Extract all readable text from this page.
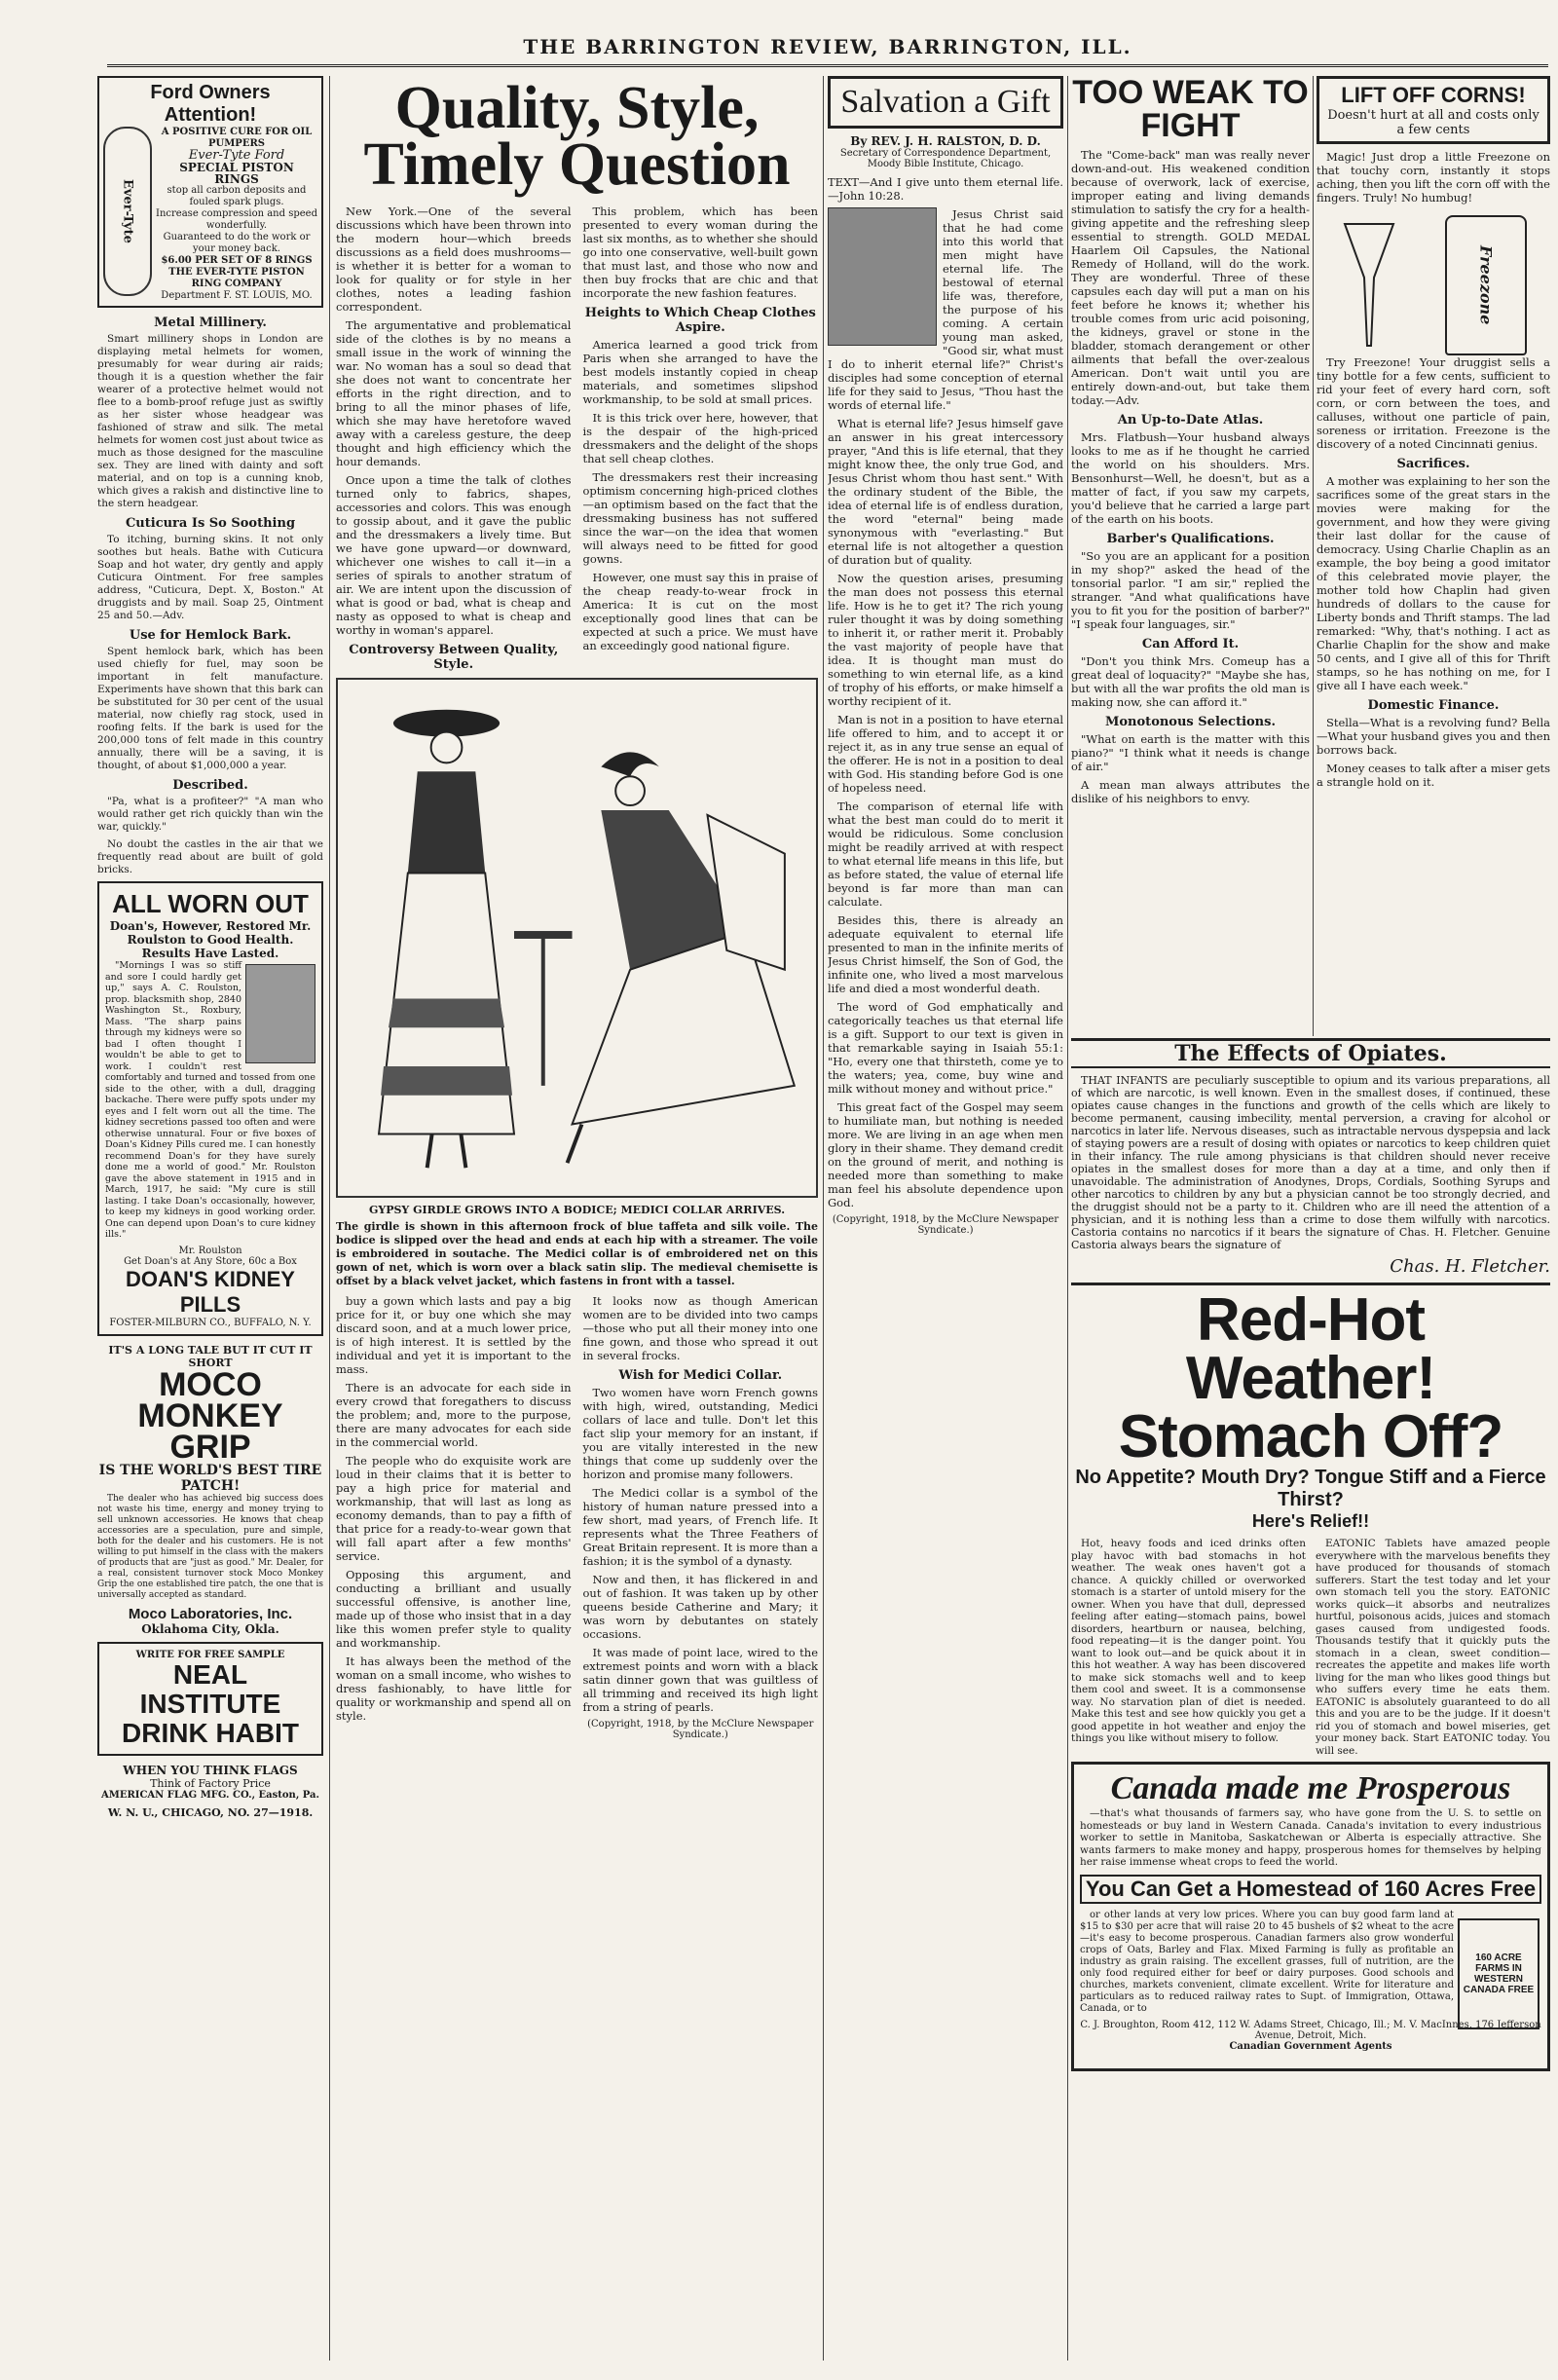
THE BARRINGTON REVIEW, BARRINGTON, ILL.
Ford Owners Attention!
Ever-Tyte
A POSITIVE CURE FOR OIL PUMPERS
Ever-Tyte Ford
SPECIAL PISTON RINGS
stop all carbon deposits and fouled spark plugs.
Increase compression and speed wonderfully.
Guaranteed to do the work or your money back.
$6.00 PER SET OF 8 RINGS
THE EVER-TYTE PISTON RING COMPANY
Department F. ST. LOUIS, MO.
Metal Millinery.

Smart millinery shops in London are displaying metal helmets for women, presumably for wear during air raids; though it is a question whether the fair wearer of a protective helmet would not flee to a bomb-proof refuge just as swiftly as her sister whose headgear was fashioned of straw and silk. The metal helmets for women cost just about twice as much as those designed for the masculine sex. They are lined with dainty and soft material, and on top is a cunning knob, which gives a rakish and distinctive line to the stern headgear.

Cuticura Is So Soothing

To itching, burning skins. It not only soothes but heals. Bathe with Cuticura Soap and hot water, dry gently and apply Cuticura Ointment. For free samples address, "Cuticura, Dept. X, Boston." At druggists and by mail. Soap 25, Ointment 25 and 50.—Adv.

Use for Hemlock Bark.

Spent hemlock bark, which has been used chiefly for fuel, may soon be important in felt manufacture. Experiments have shown that this bark can be substituted for 30 per cent of the usual material, now chiefly rag stock, used in roofing felts. If the bark is used for the 200,000 tons of felt made in this country annually, there will be a saving, it is thought, of about $1,000,000 a year.

Described.

"Pa, what is a profiteer?" "A man who would rather get rich quickly than win the war, quickly."

No doubt the castles in the air that we frequently read about are built of gold bricks.

ALL WORN OUT
Doan's, However, Restored Mr. Roulston to Good Health. Results Have Lasted.

"Mornings I was so stiff and sore I could hardly get up," says A. C. Roulston, prop. blacksmith shop, 2840 Washington St., Roxbury, Mass. "The sharp pains through my kidneys were so bad I often thought I wouldn't be able to get to work. I couldn't rest comfortably and turned and tossed from one side to the other, with a dull, dragging backache. There were puffy spots under my eyes and I felt worn out all the time. The kidney secretions passed too often and were otherwise unnatural. Four or five boxes of Doan's Kidney Pills cured me. I can honestly recommend Doan's for they have surely done me a world of good." Mr. Roulston gave the above statement in 1915 and in March, 1917, he said: "My cure is still lasting. I take Doan's occasionally, however, to keep my kidneys in good working order. One can depend upon Doan's to cure kidney ills."

Mr. Roulston
Get Doan's at Any Store, 60c a Box
DOAN'S KIDNEY PILLS
FOSTER-MILBURN CO., BUFFALO, N. Y.
IT'S A LONG TALE BUT IT CUT IT SHORT
MOCO MONKEY GRIP
IS THE WORLD'S BEST TIRE PATCH!

The dealer who has achieved big success does not waste his time, energy and money trying to sell unknown accessories. He knows that cheap accessories are a speculation, pure and simple, both for the dealer and his customers. He is not willing to put himself in the class with the makers of products that are "just as good." Mr. Dealer, for a real, consistent turnover stock Moco Monkey Grip the one established tire patch, the one that is universally accepted as standard.

Moco Laboratories, Inc.
Oklahoma City, Okla.
WRITE FOR FREE SAMPLE
NEAL INSTITUTE
DRINK HABIT
WHEN YOU THINK FLAGS
Think of Factory Price
AMERICAN FLAG MFG. CO., Easton, Pa.
W. N. U., CHICAGO, NO. 27—1918.
Quality, Style, Timely Question

New York.—One of the several discussions which have been thrown into the modern hour—which breeds discussions as a field does mushrooms—is whether it is better for a woman to look for quality or for style in her clothes, notes a leading fashion correspondent.

The argumentative and problematical side of the clothes is by no means a small issue in the work of winning the war. No woman has a soul so dead that she does not want to concentrate her efforts in the right direction, and to bring to all the minor phases of life, which she may have heretofore waved away with a careless gesture, the deep thought and high efficiency which the hour demands.

Once upon a time the talk of clothes turned only to fabrics, shapes, accessories and colors. This was enough to gossip about, and it gave the public and the dressmakers a lively time. But we have gone upward—or downward, whichever one wishes to call it—in a series of spirals to another stratum of air. We are intent upon the discussion of what is good or bad, what is cheap and nasty as opposed to what is cheap and worthy in woman's apparel.

Controversy Between Quality, Style.

This problem, which has been presented to every woman during the last six months, as to whether she should go into one conservative, well-built gown that must last, and those who now and then buy frocks that are chic and that incorporate the new fashion features.

Heights to Which Cheap Clothes Aspire.

America learned a good trick from Paris when she arranged to have the best models instantly copied in cheap materials, and sometimes slipshod workmanship, to be sold at small prices.

It is this trick over here, however, that is the despair of the high-priced dressmakers and the delight of the shops that sell cheap clothes.

The dressmakers rest their increasing optimism concerning high-priced clothes—an optimism based on the fact that the dressmaking business has not suffered since the war—on the idea that women will always need to be fitted for good gowns.

However, one must say this in praise of the cheap ready-to-wear frock in America: It is cut on the most exceptionally good lines that can be expected at such a price. We must have an exceedingly good national figure.

GYPSY GIRDLE GROWS INTO A BODICE; MEDICI COLLAR ARRIVES.

The girdle is shown in this afternoon frock of blue taffeta and silk voile. The bodice is slipped over the head and ends at each hip with a streamer. The voile is embroidered in soutache. The Medici collar is of embroidered net on this gown of net, which is worn over a black satin slip. The medieval chemisette is offset by a black velvet jacket, which fastens in front with a tassel.

buy a gown which lasts and pay a big price for it, or buy one which she may discard soon, and at a much lower price, is of high interest. It is settled by the individual and yet it is important to the mass.

There is an advocate for each side in every crowd that foregathers to discuss the problem; and, more to the purpose, there are many advocates for each side in the commercial world.

The people who do exquisite work are loud in their claims that it is better to pay a high price for material and workmanship, that will last as long as economy demands, than to pay a fifth of that price for a ready-to-wear gown that will fall apart after a few months' service.

Opposing this argument, and conducting a brilliant and usually successful offensive, is another line, made up of those who insist that in a day like this women prefer style to quality and workmanship.

It has always been the method of the woman on a small income, who wishes to dress fashionably, to have little for quality or workmanship and spend all on style.

It looks now as though American women are to be divided into two camps—those who put all their money into one fine gown, and those who spread it out in several frocks.

Wish for Medici Collar.

Two women have worn French gowns with high, wired, outstanding, Medici collars of lace and tulle. Don't let this fact slip your memory for an instant, if you are vitally interested in the new things that come up suddenly over the horizon and promise many followers.

The Medici collar is a symbol of the history of human nature pressed into a few short, mad years, of French life. It represents what the Three Feathers of Great Britain represent. It is more than a fashion; it is the symbol of a dynasty.

Now and then, it has flickered in and out of fashion. It was taken up by other queens beside Catherine and Mary; it was worn by debutantes on stately occasions.

It was made of point lace, wired to the extremest points and worn with a black satin dinner gown that was guiltless of all trimming and received its high light from a string of pearls.

(Copyright, 1918, by the McClure Newspaper Syndicate.)
Salvation a Gift
By REV. J. H. RALSTON, D. D.
Secretary of Correspondence Department, Moody Bible Institute, Chicago.

TEXT—And I give unto them eternal life.—John 10:28.

Jesus Christ said that he had come into this world that men might have eternal life. The bestowal of eternal life was, therefore, the purpose of his coming. A certain young man asked, "Good sir, what must I do to inherit eternal life?" Christ's disciples had some conception of eternal life for they said to Jesus, "Thou hast the words of eternal life."

What is eternal life? Jesus himself gave an answer in his great intercessory prayer, "And this is life eternal, that they might know thee, the only true God, and Jesus Christ whom thou hast sent." With the ordinary student of the Bible, the idea of eternal life is of endless duration, the word "eternal" being made synonymous with "everlasting." But eternal life is not altogether a question of duration but of quality.

Now the question arises, presuming the man does not possess this eternal life. How is he to get it? The rich young ruler thought it was by doing something to inherit it, or rather merit it. Probably the vast majority of people have that idea. It is thought man must do something to win eternal life, as a kind of trophy of his efforts, or make himself a worthy recipient of it.

Man is not in a position to have eternal life offered to him, and to accept it or reject it, as in any true sense an equal of the offerer. He is not in a position to deal with God. His standing before God is one of hopeless need.

The comparison of eternal life with what the best man could do to merit it would be ridiculous. Some conclusion might be readily arrived at with respect to what eternal life means in this life, but as before stated, the value of eternal life beyond is far more than man can calculate.

Besides this, there is already an adequate equivalent to eternal life presented to man in the infinite merits of Jesus Christ himself, the Son of God, the infinite one, who lived a most marvelous life and died a most wonderful death.

The word of God emphatically and categorically teaches us that eternal life is a gift. Support to our text is given in that remarkable saying in Isaiah 55:1: "Ho, every one that thirsteth, come ye to the waters; yea, come, buy wine and milk without money and without price."

This great fact of the Gospel may seem to humiliate man, but nothing is needed more. We are living in an age when men glory in their shame. They demand credit on the ground of merit, and nothing is needed more than something to make man feel his absolute dependence upon God.

(Copyright, 1918, by the McClure Newspaper Syndicate.)
TOO WEAK TO FIGHT

The "Come-back" man was really never down-and-out. His weakened condition because of overwork, lack of exercise, improper eating and living demands stimulation to satisfy the cry for a health-giving appetite and the refreshing sleep essential to strength. GOLD MEDAL Haarlem Oil Capsules, the National Remedy of Holland, will do the work. They are wonderful. Three of these capsules each day will put a man on his feet before he knows it; whether his trouble comes from uric acid poisoning, the kidneys, gravel or stone in the bladder, stomach derangement or other ailments that befall the over-zealous American. Don't wait until you are entirely down-and-out, but take them today.—Adv.

An Up-to-Date Atlas.

Mrs. Flatbush—Your husband always looks to me as if he thought he carried the world on his shoulders. Mrs. Bensonhurst—Well, he doesn't, but as a matter of fact, if you saw my carpets, you'd believe that he carried a large part of the earth on his boots.

Barber's Qualifications.

"So you are an applicant for a position in my shop?" asked the head of the tonsorial parlor. "I am sir," replied the stranger. "And what qualifications have you to fit you for the position of barber?" "I speak four languages, sir."

Can Afford It.

"Don't you think Mrs. Comeup has a great deal of loquacity?" "Maybe she has, but with all the war profits the old man is making now, she can afford it."

Monotonous Selections.

"What on earth is the matter with this piano?" "I think what it needs is change of air."

A mean man always attributes the dislike of his neighbors to envy.

LIFT OFF CORNS!
Doesn't hurt at all and costs only a few cents

Magic! Just drop a little Freezone on that touchy corn, instantly it stops aching, then you lift the corn off with the fingers. Truly! No humbug!

Freezone

Try Freezone! Your druggist sells a tiny bottle for a few cents, sufficient to rid your feet of every hard corn, soft corn, or corn between the toes, and calluses, without one particle of pain, soreness or irritation. Freezone is the discovery of a noted Cincinnati genius.

Sacrifices.

A mother was explaining to her son the sacrifices some of the great stars in the movies were making for the government, and how they were giving their last dollar for the cause of democracy. Using Charlie Chaplin as an example, the boy being a good imitator of this celebrated movie player, the mother told how Chaplin had given hundreds of dollars to the cause for Liberty bonds and Thrift stamps. The lad remarked: "Why, that's nothing. I act as Charlie Chaplin for the show and make 50 cents, and I give all of this for Thrift stamps, so he has nothing on me, for I give all I have each week."

Domestic Finance.

Stella—What is a revolving fund? Bella—What your husband gives you and then borrows back.

Money ceases to talk after a miser gets a strangle hold on it.

The Effects of Opiates.

THAT INFANTS are peculiarly susceptible to opium and its various preparations, all of which are narcotic, is well known. Even in the smallest doses, if continued, these opiates cause changes in the functions and growth of the cells which are likely to become permanent, causing imbecility, mental perversion, a craving for alcohol or narcotics in later life. Nervous diseases, such as intractable nervous dyspepsia and lack of staying powers are a result of dosing with opiates or narcotics to keep children quiet in their infancy. The rule among physicians is that children should never receive opiates in the smallest doses for more than a day at a time, and only then if unavoidable. The administration of Anodynes, Drops, Cordials, Soothing Syrups and other narcotics to children by any but a physician cannot be too strongly decried, and the druggist should not be a party to it. Children who are ill need the attention of a physician, and it is nothing less than a crime to dose them wilfully with narcotics. Castoria contains no narcotics if it bears the signature of Chas. H. Fletcher. Genuine Castoria always bears the signature of

Chas. H. Fletcher.
Red-Hot Weather! Stomach Off?
No Appetite? Mouth Dry? Tongue Stiff and a Fierce Thirst?
Here's Relief!!

Hot, heavy foods and iced drinks often play havoc with bad stomachs in hot weather. The weak ones haven't got a chance. A quickly chilled or overworked stomach is a starter of untold misery for the owner. When you have that dull, depressed feeling after eating—stomach pains, bowel disorders, heartburn or nausea, belching, food repeating—it is the danger point. You want to look out—and be quick about it in this hot weather. A way has been discovered to make sick stomachs well and to keep them cool and sweet. It is a commonsense way. No starvation plan of diet is needed. Make this test and see how quickly you get a good appetite in hot weather and enjoy the things you like without misery to follow.

EATONIC Tablets have amazed people everywhere with the marvelous benefits they have produced for thousands of stomach sufferers. Start the test today and let your own stomach tell you the story. EATONIC works quick—it absorbs and neutralizes hurtful, poisonous acids, juices and stomach gases caused from undigested foods. Thousands testify that it quickly puts the stomach in a clean, sweet condition—recreates the appetite and makes life worth living for the man who likes good things but who suffers every time he eats them. EATONIC is absolutely guaranteed to do all this and you are to be the judge. If it doesn't rid you of stomach and bowel miseries, get your money back. Start EATONIC today. You will see.

Canada made me Prosperous

—that's what thousands of farmers say, who have gone from the U. S. to settle on homesteads or buy land in Western Canada. Canada's invitation to every industrious worker to settle in Manitoba, Saskatchewan or Alberta is especially attractive. She wants farmers to make money and happy, prosperous homes for themselves by helping her raise immense wheat crops to feed the world.

You Can Get a Homestead of 160 Acres Free

or other lands at very low prices. Where you can buy good farm land at $15 to $30 per acre that will raise 20 to 45 bushels of $2 wheat to the acre—it's easy to become prosperous. Canadian farmers also grow wonderful crops of Oats, Barley and Flax. Mixed Farming is fully as profitable an industry as grain raising. The excellent grasses, full of nutrition, are the only food required either for beef or dairy purposes. Good schools and churches, markets convenient, climate excellent. Write for literature and particulars as to reduced railway rates to Supt. of Immigration, Ottawa, Canada, or to

C. J. Broughton, Room 412, 112 W. Adams Street, Chicago, Ill.; M. V. MacInnes, 176 Jefferson Avenue, Detroit, Mich.
Canadian Government Agents
160 ACRE FARMS IN WESTERN CANADA FREE
